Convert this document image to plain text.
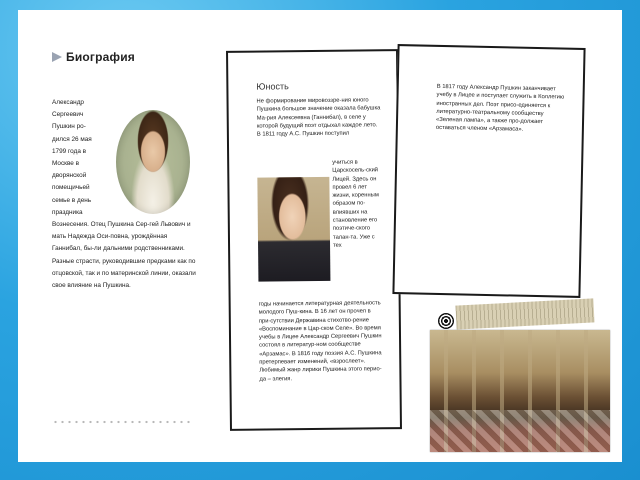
Биография
Александр
Сергеевич
Пушкин ро-
дился 26 мая
1799 года в
Москве в
дворянской
помещичьей
семье в день
праздника
Вознесения. Отец Пушкина Сер-гей Львович и мать Надежда Оси-повна, урождённая Ганнибал, бы-ли дальними родственниками. Разные страсти, руководившие предками как по отцовской, так и по материнской линии, оказали свое влияние на Пушкина.
Юность
Не формирование мировоззре-ния юного Пушкина большое значение оказала бабушка Ма-рия Алексеевна (Ганнибал), в селе у которой будущий поэт отдыхал каждое лето. В 1811 году А.С. Пушкин поступил
учиться в Царскосель-ский Лицей. Здесь он провел 6 лет жизни, коренным образом по-влиявших на становление его поэтиче-ского талан-та. Уже с тех
годы начинается литературная деятельность молодого Пуш-кина. В 16 лет он прочел в при-сутствии Державина стихотво-рение «Воспоминание в Цар-ском Селе». Во время учебы в Лицее Александр Сергеевич Пушкин состоял в литератур-ном сообществе «Арзамас». В 1816 году поэзия А.С. Пушкина претерпевает изменений, «взрослеет». Любимый жанр лирики Пушкина этого перио-да – элегия.
В 1817 году Александр Пушкин заканчивает учебу в Лицее и поступает служить в Коллегию иностранных дел. Поэт присо-единяется к литературно-театральному сообществу «Зеленая лампа», а также про-должает оставаться членом «Арзамаса».
